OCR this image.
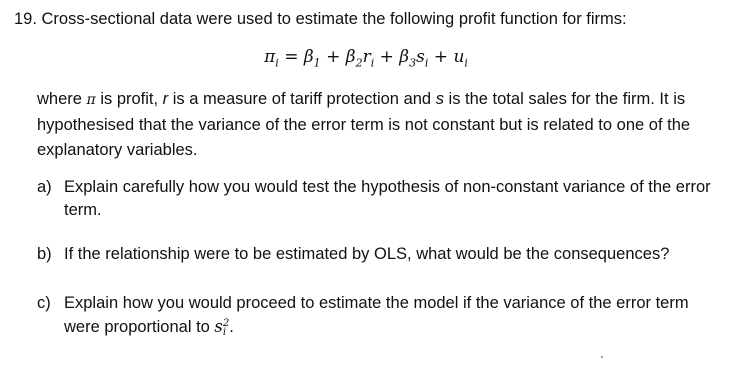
19. Cross-sectional data were used to estimate the following profit function for firms:
$\pi_i = \beta_1 + \beta_2r_i + \beta_3s_i + u_i$
where π is profit, r is a measure of tariff protection and s is the total sales for the firm. It is hypothesised that the variance of the error term is not constant but is related to one of the explanatory variables.
a) Explain carefully how you would test the hypothesis of non-constant variance of the error term.
b) If the relationship were to be estimated by OLS, what would be the consequences?
c) Explain how you would proceed to estimate the model if the variance of the error term were proportional to s 2
i .
